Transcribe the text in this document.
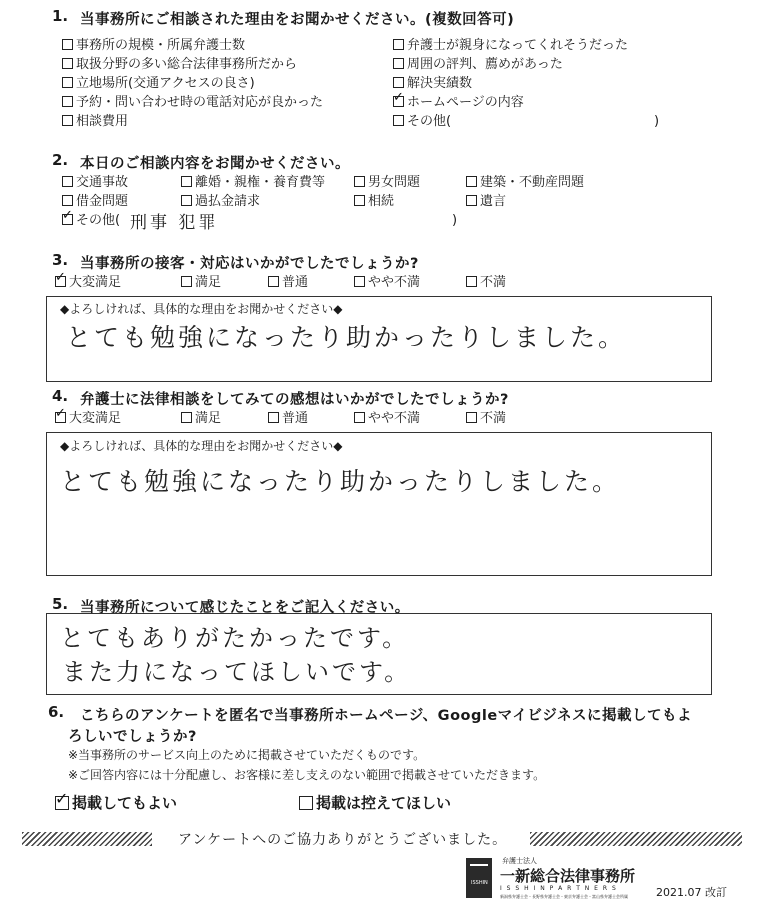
1. 当事務所にご相談された理由をお聞かせください。(複数回答可)
事務所の規模・所属弁護士数
取扱分野の多い総合法律事務所だから
立地場所(交通アクセスの良さ)
予約・問い合わせ時の電話対応が良かった
相談費用
弁護士が親身になってくれそうだった
周囲の評判、薦めがあった
解決実績数
✓ ホームページの内容
その他(	)
2. 本日のご相談内容をお聞かせください。
交通事故	離婚・親権・養育費等	男女問題	建築・不動産問題
借金問題	過払金請求	相続	遺言
✓ その他( 刑事 犯罪	)
3. 当事務所の接客・対応はいかがでしたでしょうか?
✓ 大変満足	満足	普通	やや不満	不満
◆よろしければ、具体的な理由をお聞かせください◆
とても勉強になったり助かったりしました。
4. 弁護士に法律相談をしてみての感想はいかがでしたでしょうか?
✓ 大変満足	満足	普通	やや不満	不満
◆よろしければ、具体的な理由をお聞かせください◆
とても勉強になったり助かったりしました。
5. 当事務所について感じたことをご記入ください。
とてもありがたかったです。
また力になってほしいです。
6. こちらのアンケートを匿名で当事務所ホームページ、Googleマイビジネスに掲載してもよ
ろしいでしょうか?
※当事務所のサービス向上のために掲載させていただくものです。
※ご回答内容には十分配慮し、お客様に差し支えのない範囲で掲載させていただきます。
✓ 掲載してもよい	掲載は控えてほしい
アンケートへのご協力ありがとうございました。
ISSHIN
弁護士法人
一新総合法律事務所
I S S H I N P A R T N E R S
新潟県弁護士会・長野県弁護士会・東京弁護士会・富山県弁護士会所属	2021.07 改訂
